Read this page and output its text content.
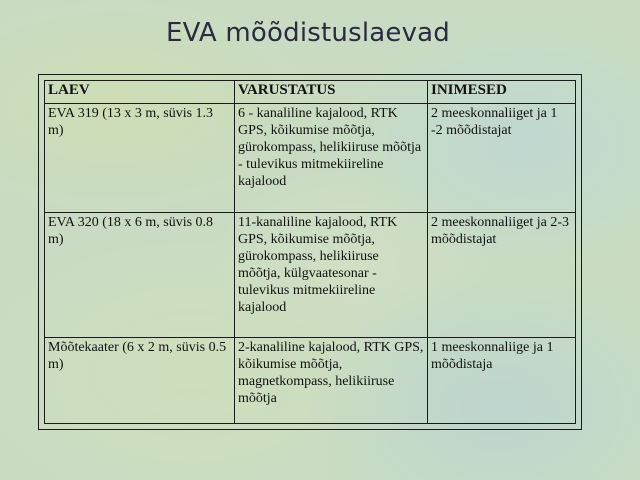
EVA mõõdistuslaevad
LAEV	VARUSTATUS	INIMESED
EVA 319 (13 x 3 m, süvis 1.3 m)	6 - kanaliline kajalood, RTK GPS, kõikumise mõõtja, gürokompass, helikiiruse mõõtja - tulevikus mitmekiireline kajalood	2 meeskonnaliiget ja 1 -2 mõõdistajat
EVA 320 (18 x 6 m, süvis 0.8 m)	11-kanaliline kajalood, RTK GPS, kõikumise mõõtja, gürokompass, helikiiruse mõõtja, külgvaatesonar - tulevikus mitmekiireline kajalood	2 meeskonnaliiget ja 2-3 mõõdistajat
Mõõtekaater (6 x 2 m, süvis 0.5 m)	2-kanaliline kajalood, RTK GPS, kõikumise mõõtja, magnetkompass, helikiiruse mõõtja	1 meeskonnaliige ja 1 mõõdistaja
